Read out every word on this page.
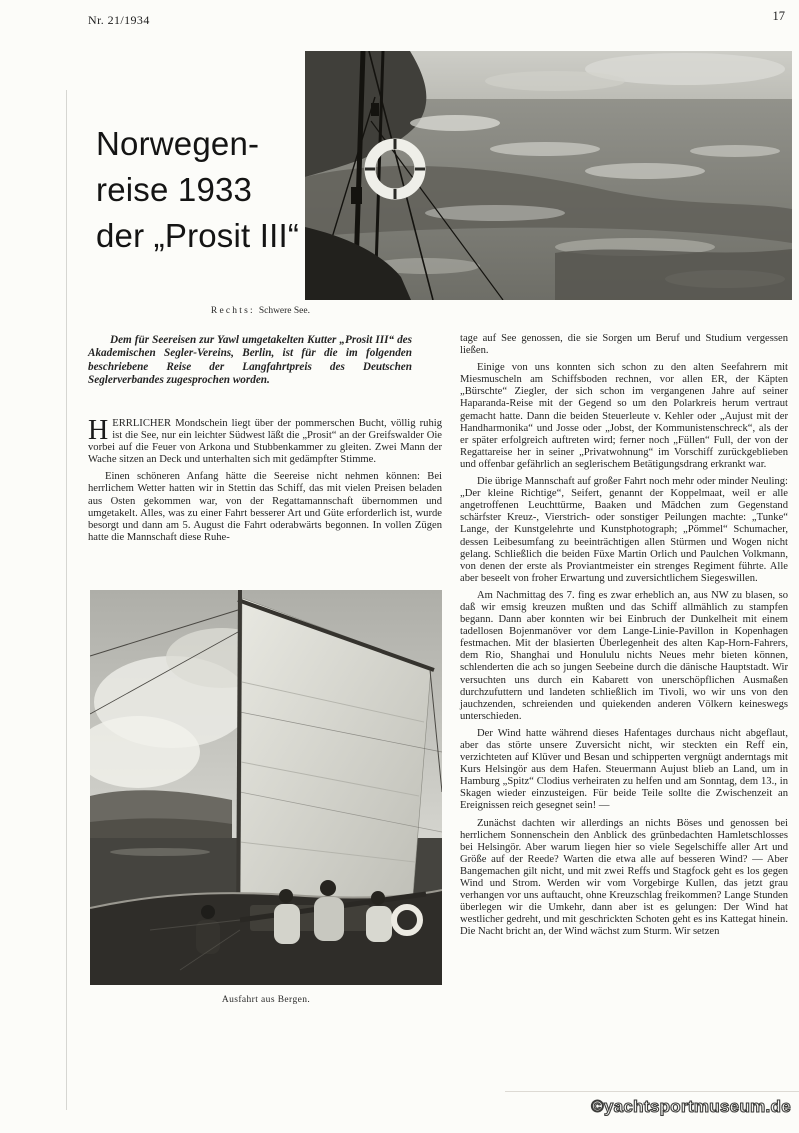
Nr. 21/1934	17
Norwegen-
reise 1933
der „Prosit III“
Rechts: Schwere See.

Dem für Seereisen zur Yawl umgetakelten Kutter „Prosit III“ des Akademischen Segler-Vereins, Berlin, ist für die im folgenden beschriebene Reise der Langfahrtpreis des Deutschen Seglerverbandes zugesprochen worden.

HERRLICHER Mondschein liegt über der pommerschen Bucht, völlig ruhig ist die See, nur ein leichter Südwest läßt die „Prosit“ an der Greifswalder Oie vorbei auf die Feuer von Arkona und Stubbenkammer zu gleiten. Zwei Mann der Wache sitzen an Deck und unterhalten sich mit gedämpfter Stimme.

Einen schöneren Anfang hätte die Seereise nicht nehmen können: Bei herrlichem Wetter hatten wir in Stettin das Schiff, das mit vielen Preisen beladen aus Osten gekommen war, von der Regattamannschaft übernommen und umgetakelt. Alles, was zu einer Fahrt besserer Art und Güte erforderlich ist, wurde besorgt und dann am 5. August die Fahrt oderabwärts begonnen. In vollen Zügen hatte die Mannschaft diese Ruhe-

tage auf See genossen, die sie Sorgen um Beruf und Studium vergessen ließen.

Einige von uns konnten sich schon zu den alten Seefahrern mit Miesmuscheln am Schiffsboden rechnen, vor allen ER, der Käpten „Bürschte“ Ziegler, der sich schon im vergangenen Jahre auf seiner Haparanda-Reise mit der Gegend so um den Polarkreis herum vertraut gemacht hatte. Dann die beiden Steuerleute v. Kehler oder „Aujust mit der Handharmonika“ und Josse oder „Jobst, der Kommunistenschreck“, als der er später erfolgreich auftreten wird; ferner noch „Füllen“ Full, der von der Regattareise her in seiner „Privatwohnung“ im Vorschiff zurückgeblieben und offenbar gefährlich an seglerischem Betätigungsdrang erkrankt war.

Die übrige Mannschaft auf großer Fahrt noch mehr oder minder Neuling: „Der kleine Richtige“, Seifert, genannt der Koppelmaat, weil er alle angetroffenen Leuchttürme, Baaken und Mädchen zum Gegenstand schärfster Kreuz-, Vierstrich- oder sonstiger Peilungen machte: „Tunke“ Lange, der Kunstgelehrte und Kunstphotograph; „Pömmel“ Schumacher, dessen Leibesumfang zu beeinträchtigen allen Stürmen und Wogen nicht gelang. Schließlich die beiden Füxe Martin Orlich und Paulchen Volkmann, von denen der erste als Proviantmeister ein strenges Regiment führte. Alle aber beseelt von froher Erwartung und zuversichtlichem Siegeswillen.

Am Nachmittag des 7. fing es zwar erheblich an, aus NW zu blasen, so daß wir emsig kreuzen mußten und das Schiff allmählich zu stampfen begann. Dann aber konnten wir bei Einbruch der Dunkelheit mit einem tadellosen Bojenmanöver vor dem Lange-Linie-Pavillon in Kopenhagen festmachen. Mit der blasierten Überlegenheit des alten Kap-Horn-Fahrers, dem Rio, Shanghai und Honululu nichts Neues mehr bieten können, schlenderten die ach so jungen Seebeine durch die dänische Hauptstadt. Wir versuchten uns durch ein Kabarett von unerschöpflichen Ausmaßen durchzufuttern und landeten schließlich im Tivoli, wo wir uns von den jauchzenden, schreienden und quiekenden anderen Völkern keineswegs unterschieden.

Der Wind hatte während dieses Hafentages durchaus nicht abgeflaut, aber das störte unsere Zuversicht nicht, wir steckten ein Reff ein, verzichteten auf Klüver und Besan und schipperten vergnügt anderntags mit Kurs Helsingör aus dem Hafen. Steuermann Aujust blieb an Land, um in Hamburg „Spitz“ Clodius verheiraten zu helfen und am Sonntag, dem 13., in Skagen wieder einzusteigen. Für beide Teile sollte die Zwischenzeit an Ereignissen reich gesegnet sein! —

Zunächst dachten wir allerdings an nichts Böses und genossen bei herrlichem Sonnenschein den Anblick des grünbedachten Hamletschlosses bei Helsingör. Aber warum liegen hier so viele Segelschiffe aller Art und Größe auf der Reede? Warten die etwa alle auf besseren Wind? — Aber Bangemachen gilt nicht, und mit zwei Reffs und Stagfock geht es los gegen Wind und Strom. Werden wir vom Vorgebirge Kullen, das jetzt grau verhangen vor uns auftaucht, ohne Kreuzschlag freikommen? Lange Stunden überlegen wir die Umkehr, dann aber ist es gelungen: Der Wind hat westlicher gedreht, und mit geschrickten Schoten geht es ins Kattegat hinein. Die Nacht bricht an, der Wind wächst zum Sturm. Wir setzen

Ausfahrt aus Bergen.
©yachtsportmuseum.de
